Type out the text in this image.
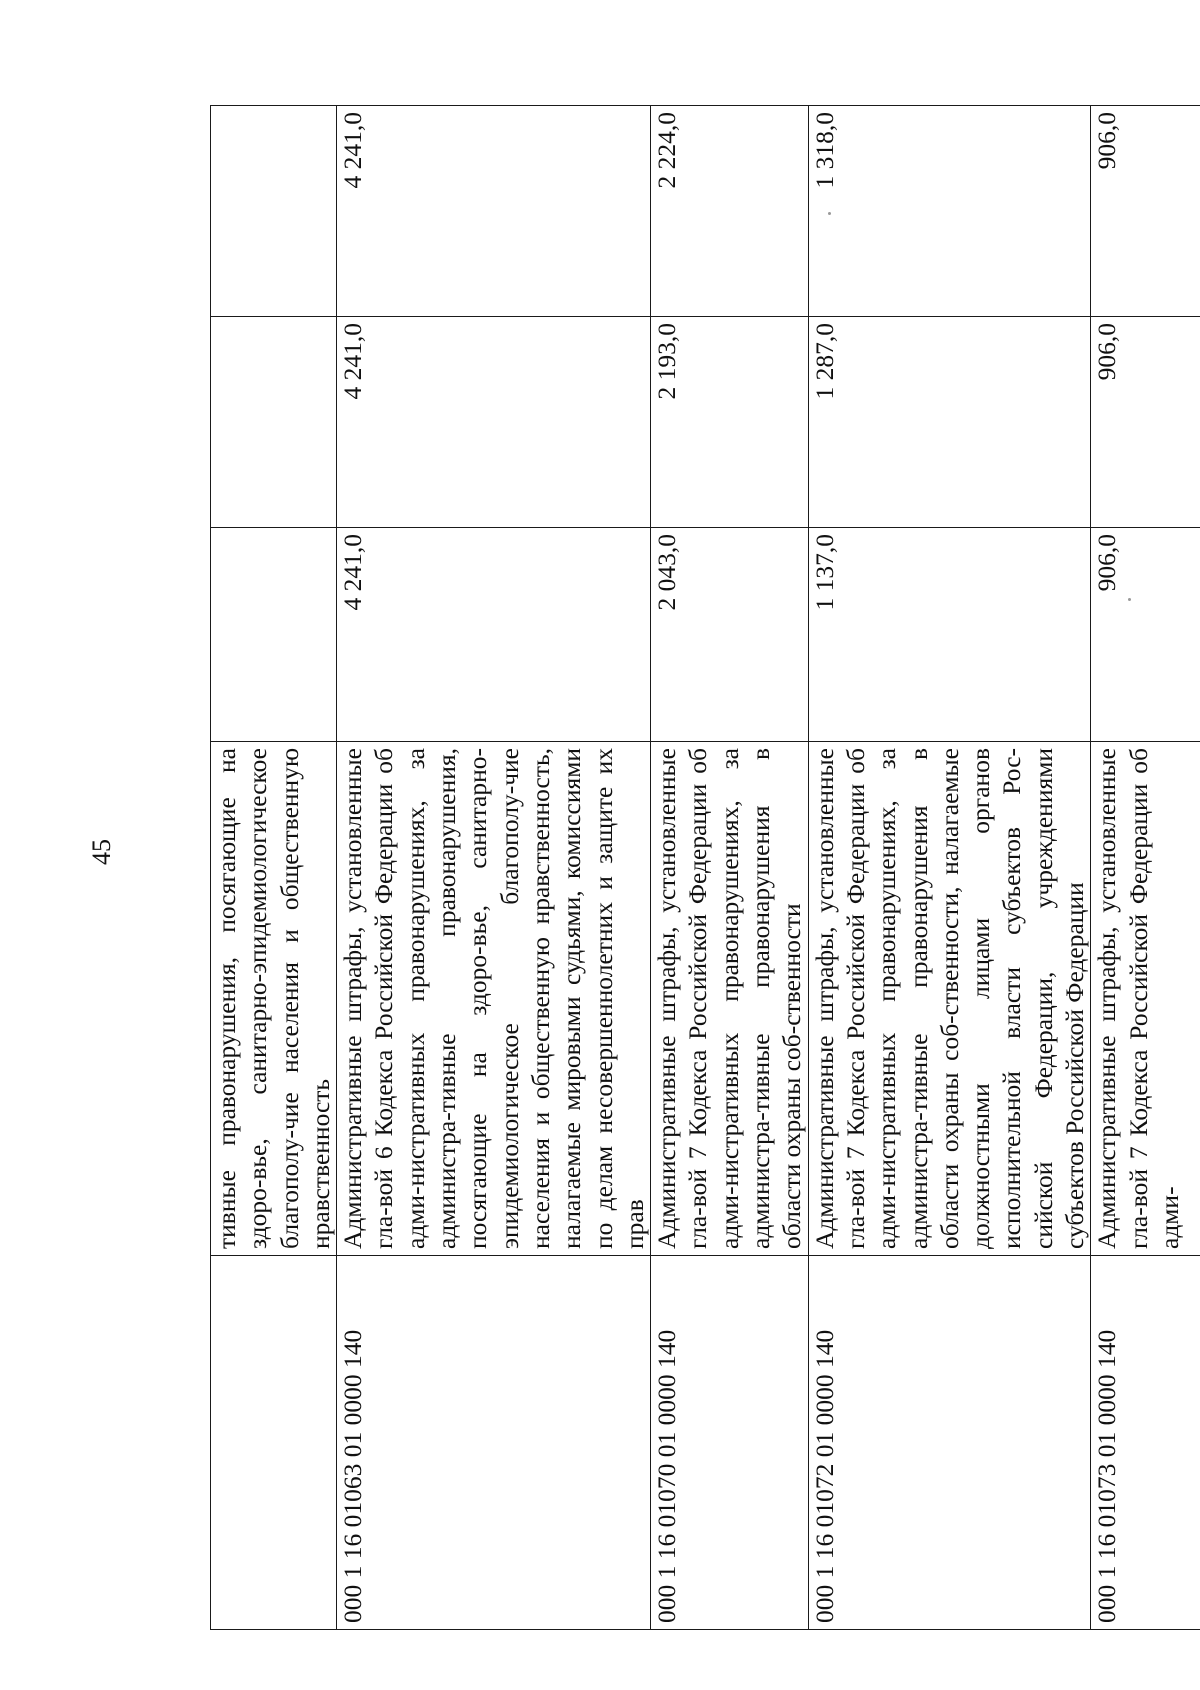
45
		тивные правонарушения, посягающие на здоро-вье, санитарно-эпидемиологическое благополу-чие населения и общественную нравственность			
000 1 16 01063 01 0000 140	Административные штрафы, установленные гла-вой 6 Кодекса Российской Федерации об адми-нистративных правонарушениях, за администра-тивные правонарушения, посягающие на здоро-вье, санитарно-эпидемиологическое благополу-чие населения и общественную нравственность, налагаемые мировыми судьями, комиссиями по делам несовершеннолетних и защите их прав	4 241,0	4 241,0	4 241,0
000 1 16 01070 01 0000 140	Административные штрафы, установленные гла-вой 7 Кодекса Российской Федерации об адми-нистративных правонарушениях, за администра-тивные правонарушения в области охраны соб-ственности	2 043,0	2 193,0	2 224,0
000 1 16 01072 01 0000 140	Административные штрафы, установленные гла-вой 7 Кодекса Российской Федерации об адми-нистративных правонарушениях, за администра-тивные правонарушения в области охраны соб-ственности, налагаемые должностными лицами органов исполнительной власти субъектов Рос-сийской Федерации, учреждениями субъектов Российской Федерации	1 137,0	1 287,0	1 318,0
000 1 16 01073 01 0000 140	Административные штрафы, установленные гла-вой 7 Кодекса Российской Федерации об адми-	906,0	906,0	906,0
